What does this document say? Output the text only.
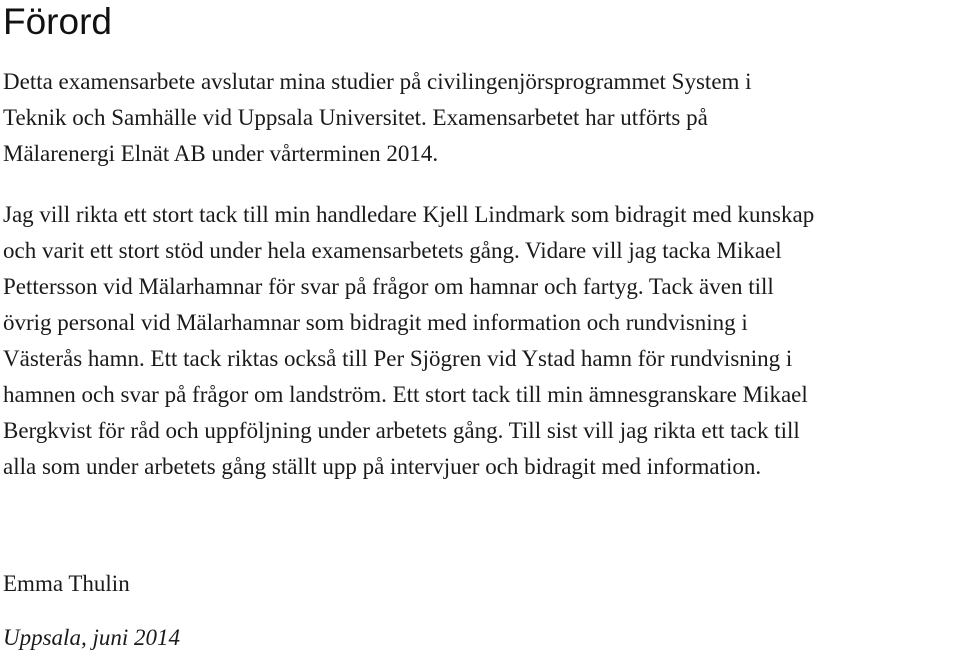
Förord

Detta examensarbete avslutar mina studier på civilingenjörsprogrammet System i
Teknik och Samhälle vid Uppsala Universitet. Examensarbetet har utförts på
Mälarenergi Elnät AB under vårterminen 2014.

Jag vill rikta ett stort tack till min handledare Kjell Lindmark som bidragit med kunskap
och varit ett stort stöd under hela examensarbetets gång. Vidare vill jag tacka Mikael
Pettersson vid Mälarhamnar för svar på frågor om hamnar och fartyg. Tack även till
övrig personal vid Mälarhamnar som bidragit med information och rundvisning i
Västerås hamn. Ett tack riktas också till Per Sjögren vid Ystad hamn för rundvisning i
hamnen och svar på frågor om landström. Ett stort tack till min ämnesgranskare Mikael
Bergkvist för råd och uppföljning under arbetets gång. Till sist vill jag rikta ett tack till
alla som under arbetets gång ställt upp på intervjuer och bidragit med information.

Emma Thulin

Uppsala, juni 2014
